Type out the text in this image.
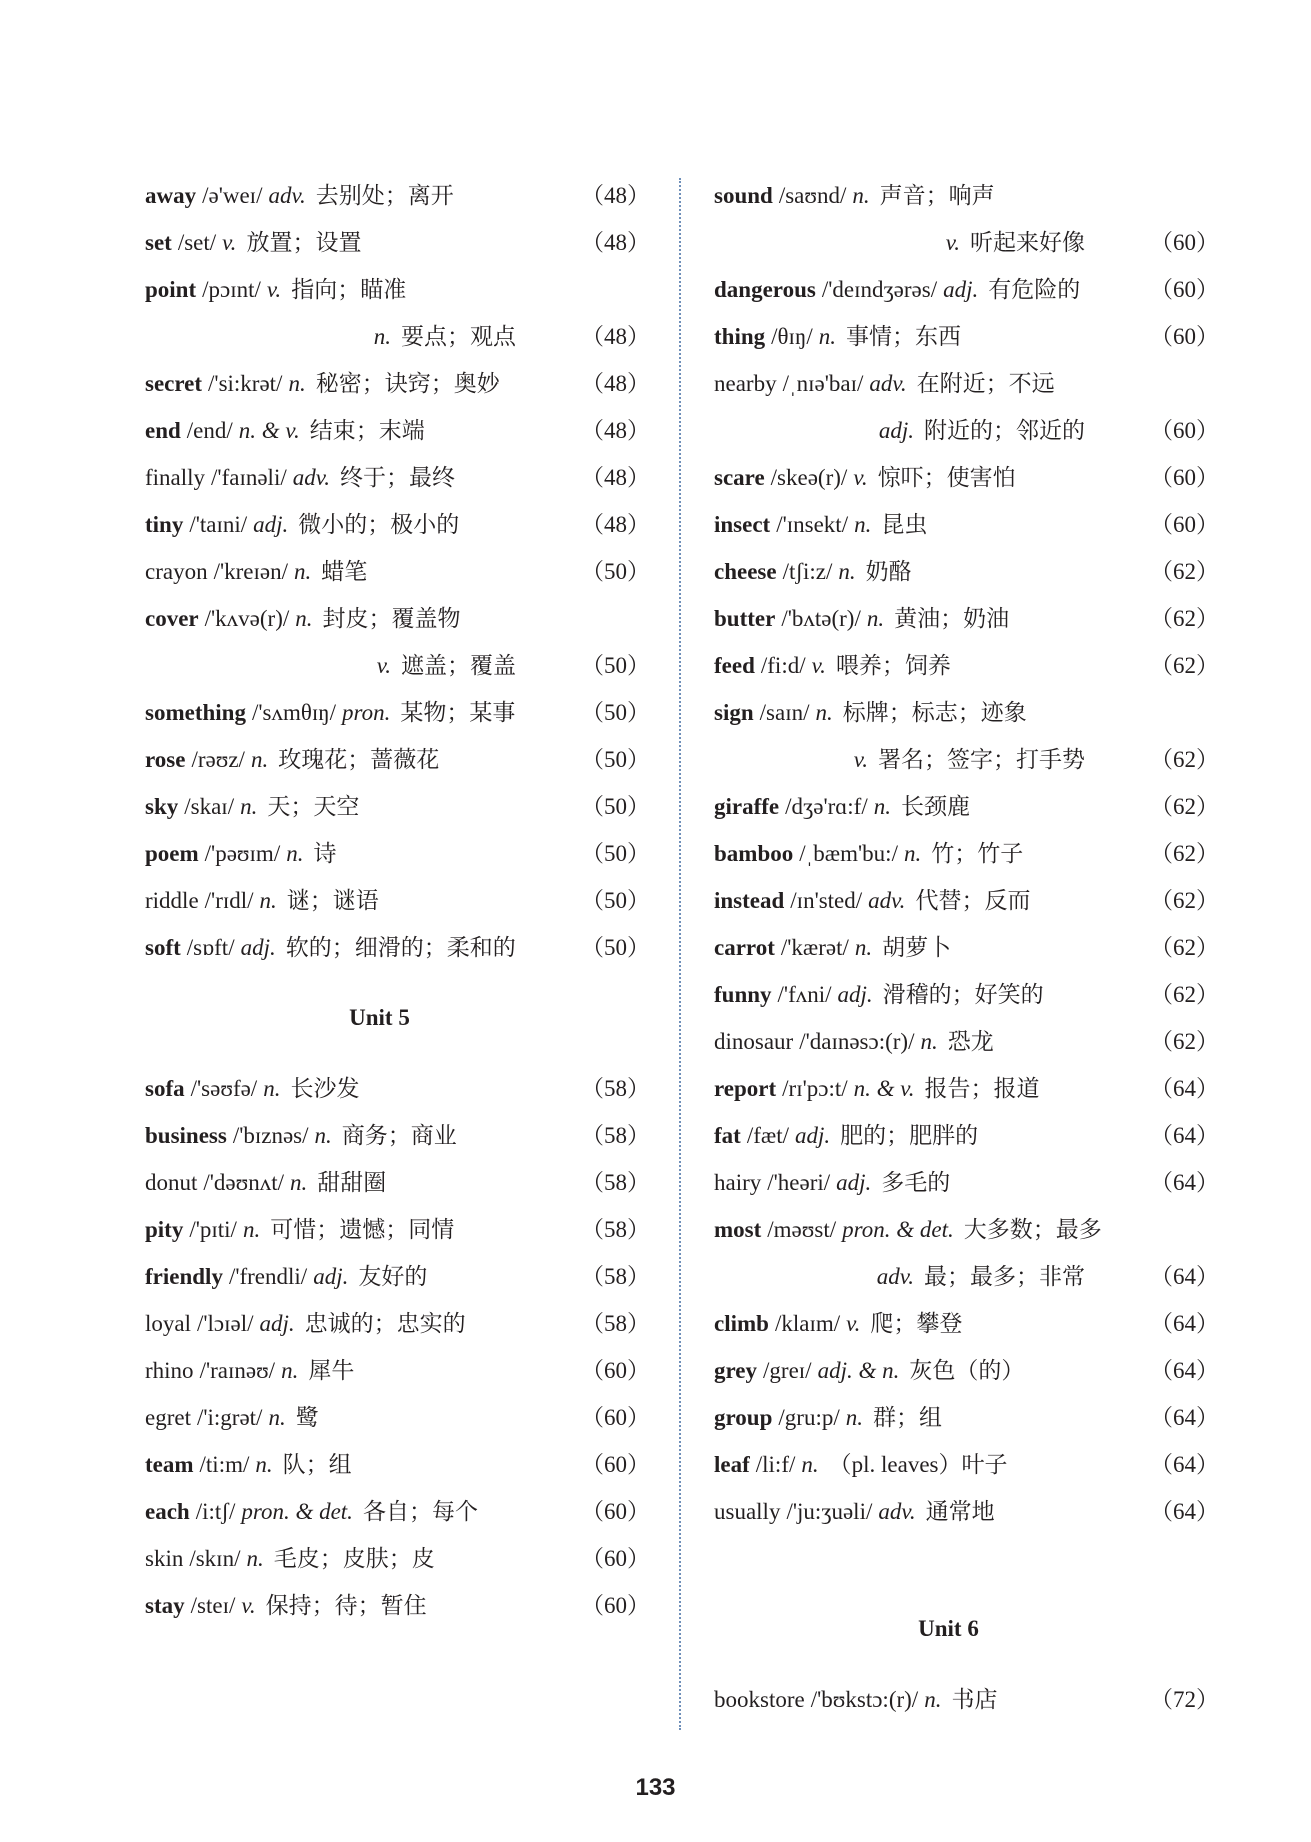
away /ə'weɪ/ adv. 去别处；离开	（ 48 ）
set /set/ v. 放置；设置	（ 48 ）
point /pɔɪnt/ v. 指向；瞄准
n. 要点；观点	（ 48 ）
secret /'si:krət/ n. 秘密；诀窍；奥妙	（ 48 ）
end /end/ n. & v. 结束；末端	（ 48 ）
finally /'faɪnəli/ adv. 终于；最终	（ 48 ）
tiny /'taɪni/ adj. 微小的；极小的	（ 48 ）
crayon /'kreɪən/ n. 蜡笔	（ 50 ）
cover /'kʌvə(r)/ n. 封皮；覆盖物
v. 遮盖；覆盖	（ 50 ）
something /'sʌmθɪŋ/ pron. 某物；某事	（ 50 ）
rose /rəʊz/ n. 玫瑰花；蔷薇花	（ 50 ）
sky /skaɪ/ n. 天；天空	（ 50 ）
poem /'pəʊɪm/ n. 诗	（ 50 ）
riddle /'rɪdl/ n. 谜；谜语	（ 50 ）
soft /sɒft/ adj. 软的；细滑的；柔和的	（ 50 ）
Unit 5
sofa /'səʊfə/ n. 长沙发	（ 58 ）
business /'bɪznəs/ n. 商务；商业	（ 58 ）
donut /'dəʊnʌt/ n. 甜甜圈	（ 58 ）
pity /'pɪti/ n. 可惜；遗憾；同情	（ 58 ）
friendly /'frendli/ adj. 友好的	（ 58 ）
loyal /'lɔɪəl/ adj. 忠诚的；忠实的	（ 58 ）
rhino /'raɪnəʊ/ n. 犀牛	（ 60 ）
egret /'i:grət/ n. 鹭	（ 60 ）
team /ti:m/ n. 队；组	（ 60 ）
each /i:tʃ/ pron. & det. 各自；每个	（ 60 ）
skin /skɪn/ n. 毛皮；皮肤；皮	（ 60 ）
stay /steɪ/ v. 保持；待；暂住	（ 60 ）
sound /saʊnd/ n. 声音；响声
v. 听起来好像	（ 60 ）
dangerous /'deɪndʒərəs/ adj. 有危险的	（ 60 ）
thing /θɪŋ/ n. 事情；东西	（ 60 ）
nearby /ˌnɪə'baɪ/ adv. 在附近；不远
adj. 附近的；邻近的	（ 60 ）
scare /skeə(r)/ v. 惊吓；使害怕	（ 60 ）
insect /'ɪnsekt/ n. 昆虫	（ 60 ）
cheese /tʃi:z/ n. 奶酪	（ 62 ）
butter /'bʌtə(r)/ n. 黄油；奶油	（ 62 ）
feed /fi:d/ v. 喂养；饲养	（ 62 ）
sign /saɪn/ n. 标牌；标志；迹象
v. 署名；签字；打手势	（ 62 ）
giraffe /dʒə'rɑ:f/ n. 长颈鹿	（ 62 ）
bamboo /ˌbæm'bu:/ n. 竹；竹子	（ 62 ）
instead /ɪn'sted/ adv. 代替；反而	（ 62 ）
carrot /'kærət/ n. 胡萝卜	（ 62 ）
funny /'fʌni/ adj. 滑稽的；好笑的	（ 62 ）
dinosaur /'daɪnəsɔ:(r)/ n. 恐龙	（ 62 ）
report /rɪ'pɔ:t/ n. & v. 报告；报道	（ 64 ）
fat /fæt/ adj. 肥的；肥胖的	（ 64 ）
hairy /'heəri/ adj. 多毛的	（ 64 ）
most /məʊst/ pron. & det. 大多数；最多
adv. 最；最多；非常	（ 64 ）
climb /klaɪm/ v. 爬；攀登	（ 64 ）
grey /greɪ/ adj. & n. 灰色（的）	（ 64 ）
group /gru:p/ n. 群；组	（ 64 ）
leaf /li:f/ n. （pl. leaves）叶子	（ 64 ）
usually /'ju:ʒuəli/ adv. 通常地	（ 64 ）
Unit 6
bookstore /'bʊkstɔ:(r)/ n. 书店	（ 72 ）
133
